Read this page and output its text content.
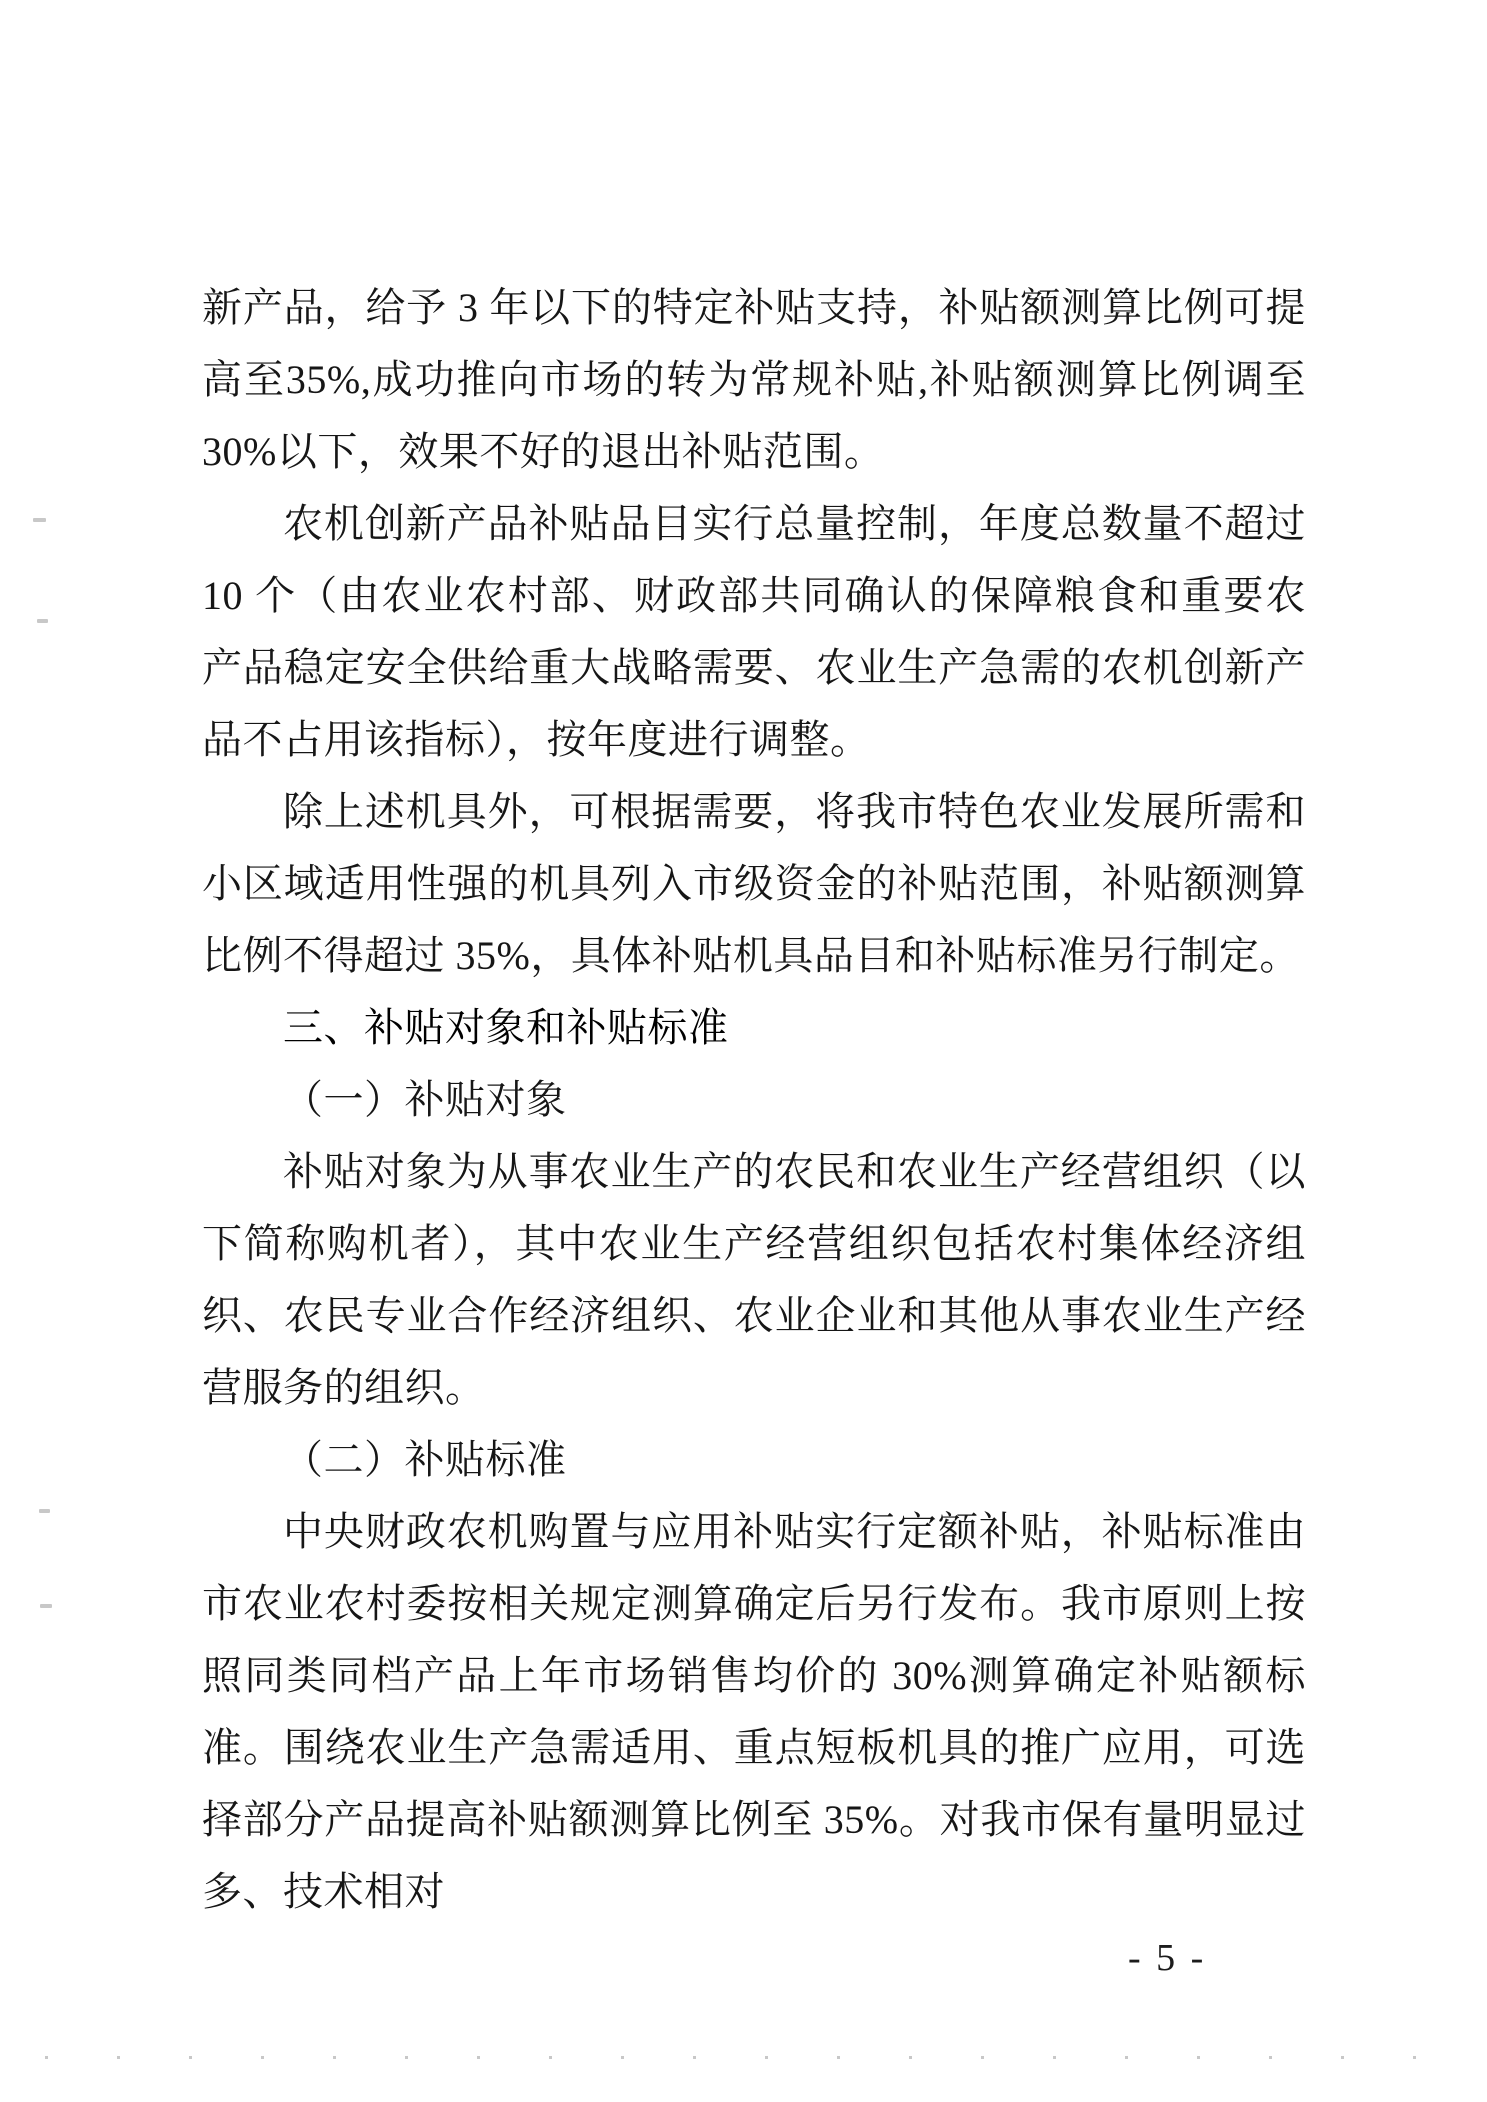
新产品，给予 3 年以下的特定补贴支持，补贴额测算比例可提高至35%,成功推向市场的转为常规补贴,补贴额测算比例调至30%以下，效果不好的退出补贴范围。

农机创新产品补贴品目实行总量控制，年度总数量不超过 10 个（由农业农村部、财政部共同确认的保障粮食和重要农产品稳定安全供给重大战略需要、农业生产急需的农机创新产品不占用该指标），按年度进行调整。

除上述机具外，可根据需要，将我市特色农业发展所需和小区域适用性强的机具列入市级资金的补贴范围，补贴额测算比例不得超过 35%，具体补贴机具品目和补贴标准另行制定。

三、补贴对象和补贴标准

（一）补贴对象

补贴对象为从事农业生产的农民和农业生产经营组织（以下简称购机者），其中农业生产经营组织包括农村集体经济组织、农民专业合作经济组织、农业企业和其他从事农业生产经营服务的组织。

（二）补贴标准

中央财政农机购置与应用补贴实行定额补贴，补贴标准由市农业农村委按相关规定测算确定后另行发布。我市原则上按照同类同档产品上年市场销售均价的 30%测算确定补贴额标准。围绕农业生产急需适用、重点短板机具的推广应用，可选择部分产品提高补贴额测算比例至 35%。对我市保有量明显过多、技术相对

- 5 -
